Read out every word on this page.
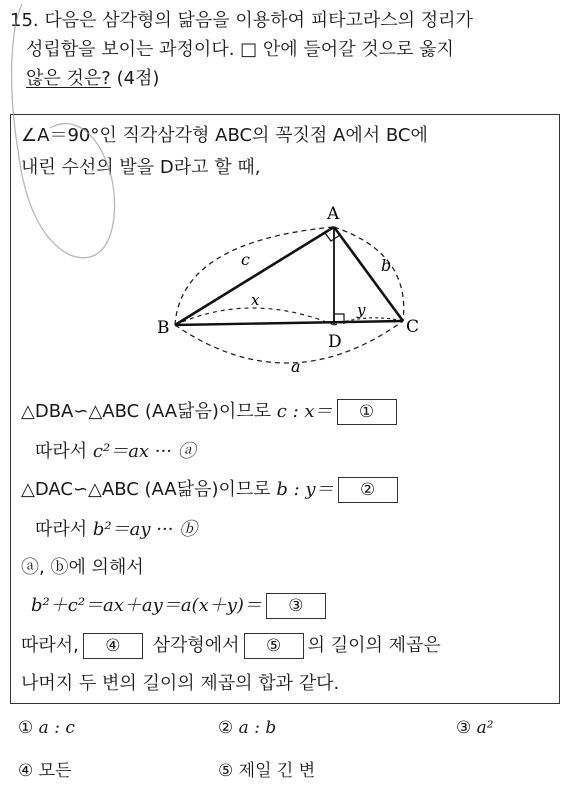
15. 다음은 삼각형의 닮음을 이용하여 피타고라스의 정리가
성립함을 보이는 과정이다. □ 안에 들어갈 것으로 옳지
않은 것은? (4점)
∠A＝90°인 직각삼각형 ABC의 꼭짓점 A에서 BC에
내린 수선의 발을 D라고 할 때,
A
B	C
D
a
b
c
x
y
△DBA∽△ABC (AA닮음)이므로 c : x＝ ①
따라서 c²＝ax ··· ⓐ
△DAC∽△ABC (AA닮음)이므로 b : y＝ ②
따라서 b²＝ay ··· ⓑ
ⓐ, ⓑ에 의해서
b²＋c²＝ax＋ay＝a(x＋y)＝ ③
따라서, ④ 삼각형에서 ⑤ 의 길이의 제곱은
나머지 두 변의 길이의 제곱의 합과 같다.
① a : c	② a : b	③ a²
④ 모든	⑤ 제일 긴 변
